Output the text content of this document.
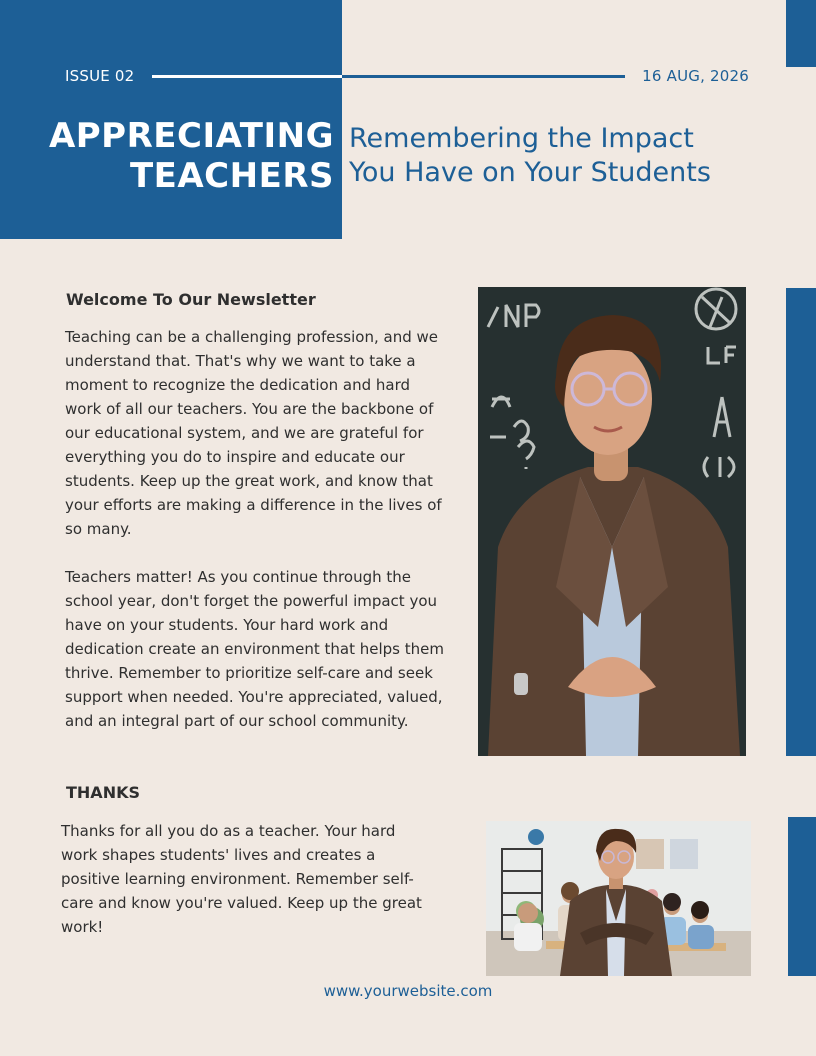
ISSUE 02	16 AUG, 2026
APPRECIATING
TEACHERS
Remembering the Impact
You Have on Your Students
Welcome To Our Newsletter

Teaching can be a challenging profession, and we understand that. That's why we want to take a moment to recognize the dedication and hard work of all our teachers. You are the backbone of our educational system, and we are grateful for everything you do to inspire and educate our students. Keep up the great work, and know that your efforts are making a difference in the lives of so many.

Teachers matter! As you continue through the school year, don't forget the powerful impact you have on your students. Your hard work and dedication create an environment that helps them thrive. Remember to prioritize self-care and seek support when needed. You're appreciated, valued, and an integral part of our school community.

THANKS

Thanks for all you do as a teacher. Your hard work shapes students' lives and creates a positive learning environment. Remember self-care and know you're valued. Keep up the great work!

www.yourwebsite.com
